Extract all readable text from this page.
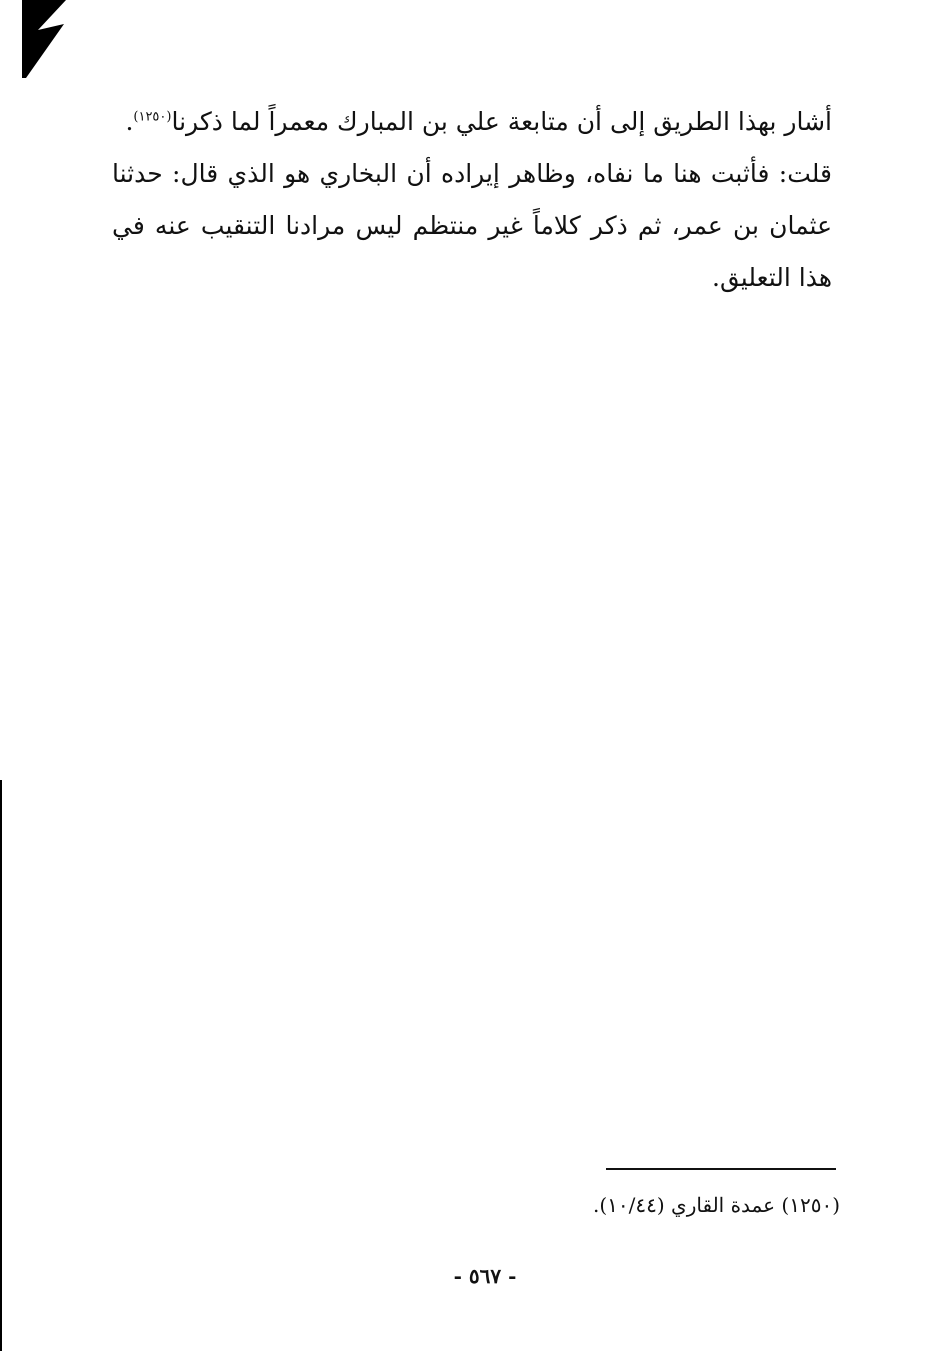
أشار بهذا الطريق إلى أن متابعة علي بن المبارك معمراً لما ذكرنا$^{(١٢٥٠)}$.

قلت: فأثبت هنا ما نفاه، وظاهر إيراده أن البخاري هو الذي قال: حدثنا عثمان بن عمر، ثم ذكر كلاماً غير منتظم ليس مرادنا التنقيب عنه في هذا التعليق.

(١٢٥٠) عمدة القاري (١٠/٤٤).
- ٥٦٧ -
